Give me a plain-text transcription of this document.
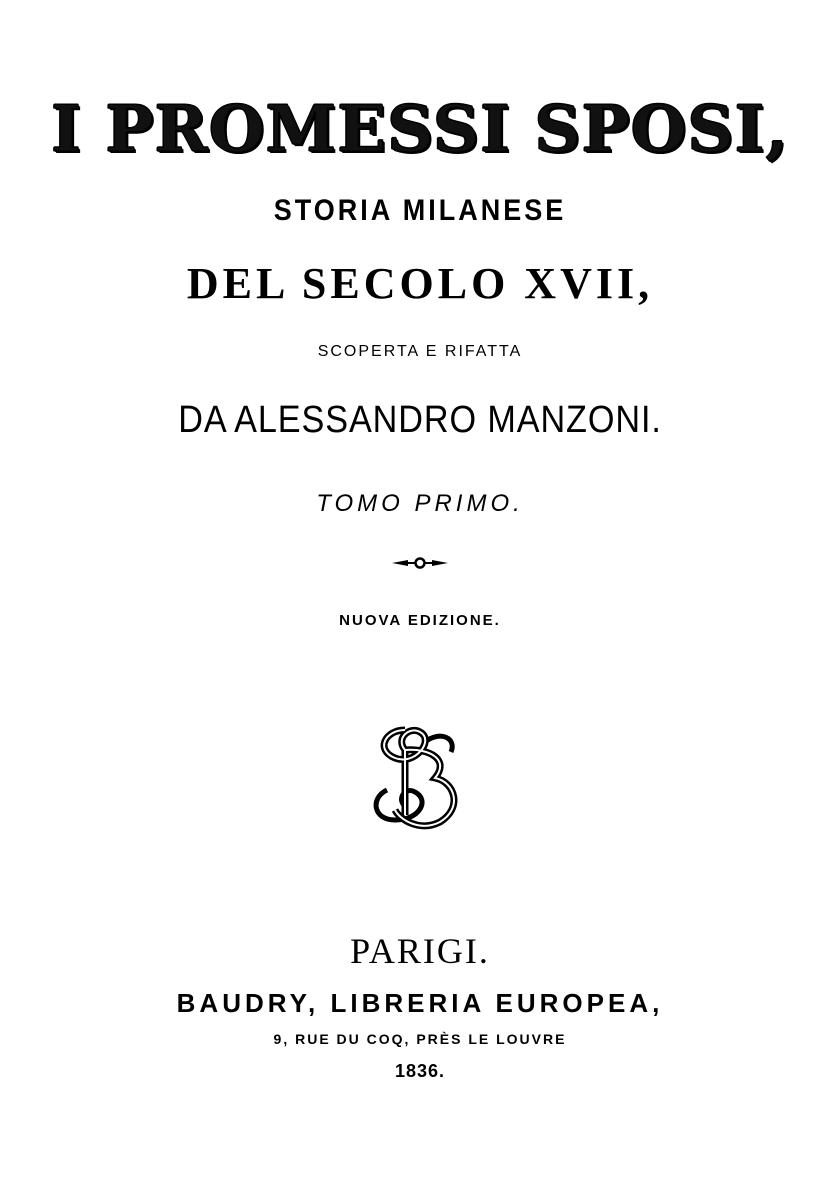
I PROMESSI SPOSI,
STORIA MILANESE
DEL SECOLO XVII,
SCOPERTA E RIFATTA
DA ALESSANDRO MANZONI.
TOMO PRIMO.
NUOVA EDIZIONE.
PARIGI.
BAUDRY, LIBRERIA EUROPEA,
9, RUE DU COQ, PRÈS LE LOUVRE
1836.
